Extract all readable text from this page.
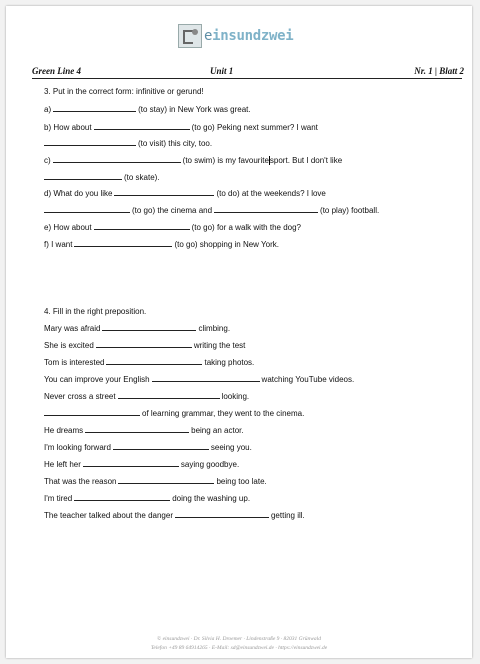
einsundzwei
Green Line 4	Unit 1	Nr. 1 | Blatt 2
3. Put in the correct form: infinitive or gerund!
a)	(to stay) in New York was great.
b) How about	(to go) Peking next summer? I want
(to visit) this city, too.
c)	(to swim) is my favouritesport. But I don't like
(to skate).
d) What do you like	(to do) at the weekends? I love
(to go) the cinema and	(to play) football.
e) How about	(to go) for a walk with the dog?
f) I want	(to go) shopping in New York.
4. Fill in the right preposition.
Mary was afraid	climbing.
She is excited	writing the test
Tom is interested	taking photos.
You can improve your English	watching YouTube videos.
Never cross a street	looking.
of learning grammar, they went to the cinema.
He dreams	being an actor.
I'm looking forward	seeing you.
He left her	saying goodbye.
That was the reason	being too late.
I'm tired	doing the washing up.
The teacher talked about the danger	getting ill.
© einsundzwei · Dr. Silvia H. Droemer · Lindenstraße 9 · 82031 Grünwald
Telefon +49 89 64914265 · E-Mail: sd@einsundzwei.de · https://einsundzwei.de
